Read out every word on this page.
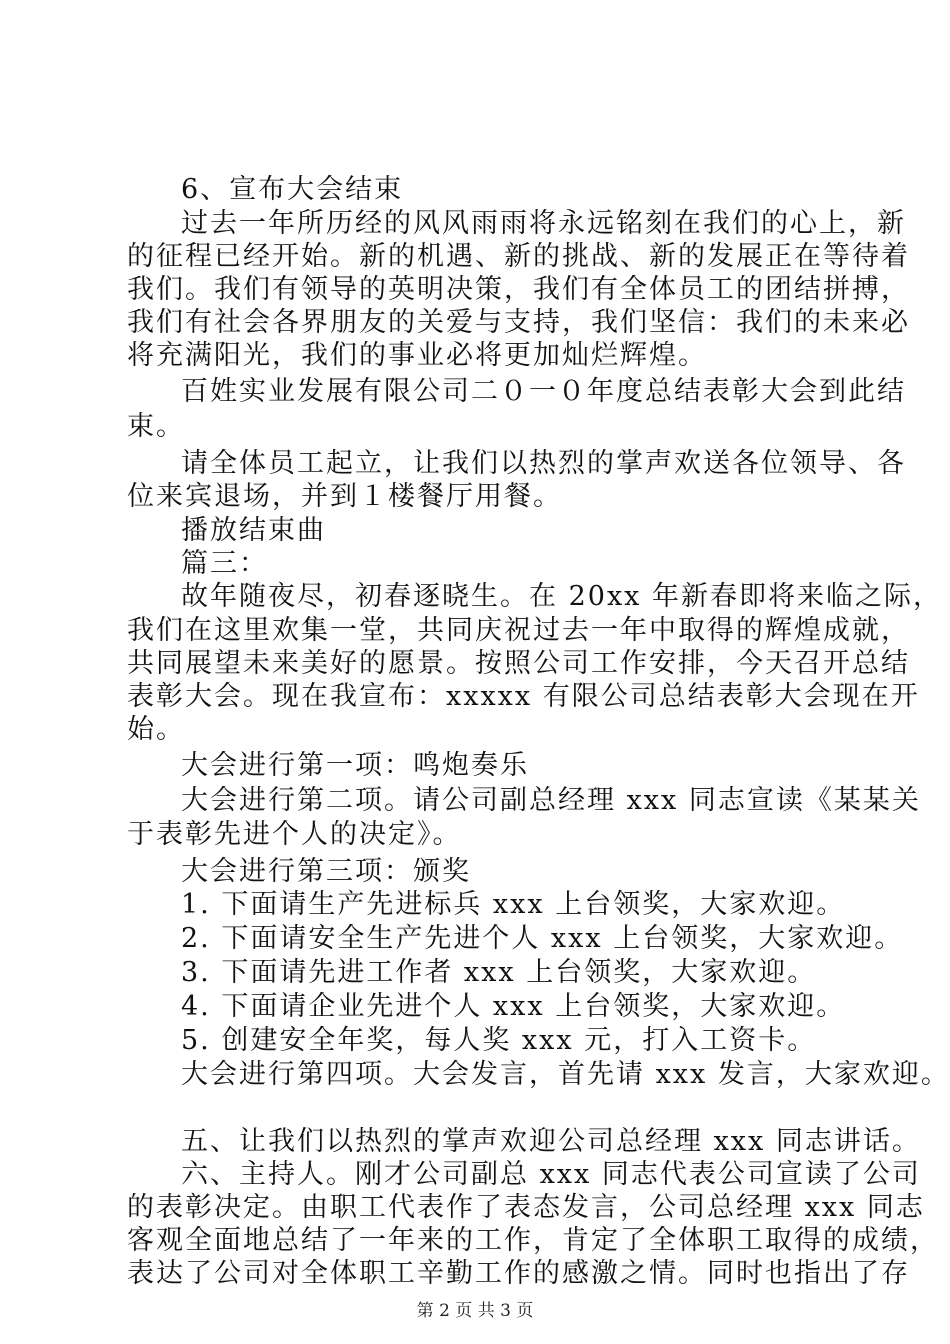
6、宣布大会结束
过去一年所历经的风风雨雨将永远铭刻在我们的心上，新
的征程已经开始。新的机遇、新的挑战、新的发展正在等待着
我们。我们有领导的英明决策，我们有全体员工的团结拼搏，
我们有社会各界朋友的关爱与支持，我们坚信：我们的未来必
将充满阳光，我们的事业必将更加灿烂辉煌。
百姓实业发展有限公司二０一０年度总结表彰大会到此结
束。
请全体员工起立，让我们以热烈的掌声欢送各位领导、各
位来宾退场，并到１楼餐厅用餐。
播放结束曲
篇三：
故年随夜尽，初春逐晓生。在 20xx 年新春即将来临之际，
我们在这里欢集一堂，共同庆祝过去一年中取得的辉煌成就，
共同展望未来美好的愿景。按照公司工作安排，今天召开总结
表彰大会。现在我宣布：xxxxx 有限公司总结表彰大会现在开
始。
大会进行第一项：鸣炮奏乐
大会进行第二项。请公司副总经理 xxx 同志宣读《某某关
于表彰先进个人的决定》。
大会进行第三项：颁奖
1. 下面请生产先进标兵 xxx 上台领奖，大家欢迎。
2. 下面请安全生产先进个人 xxx 上台领奖，大家欢迎。
3. 下面请先进工作者 xxx 上台领奖，大家欢迎。
4. 下面请企业先进个人 xxx 上台领奖，大家欢迎。
5. 创建安全年奖，每人奖 xxx 元，打入工资卡。
大会进行第四项。大会发言，首先请 xxx 发言，大家欢迎。
五、让我们以热烈的掌声欢迎公司总经理 xxx 同志讲话。
六、主持人。刚才公司副总 xxx 同志代表公司宣读了公司
的表彰决定。由职工代表作了表态发言，公司总经理 xxx 同志
客观全面地总结了一年来的工作，肯定了全体职工取得的成绩，
表达了公司对全体职工辛勤工作的感激之情。同时也指出了存
第 2 页 共 3 页
